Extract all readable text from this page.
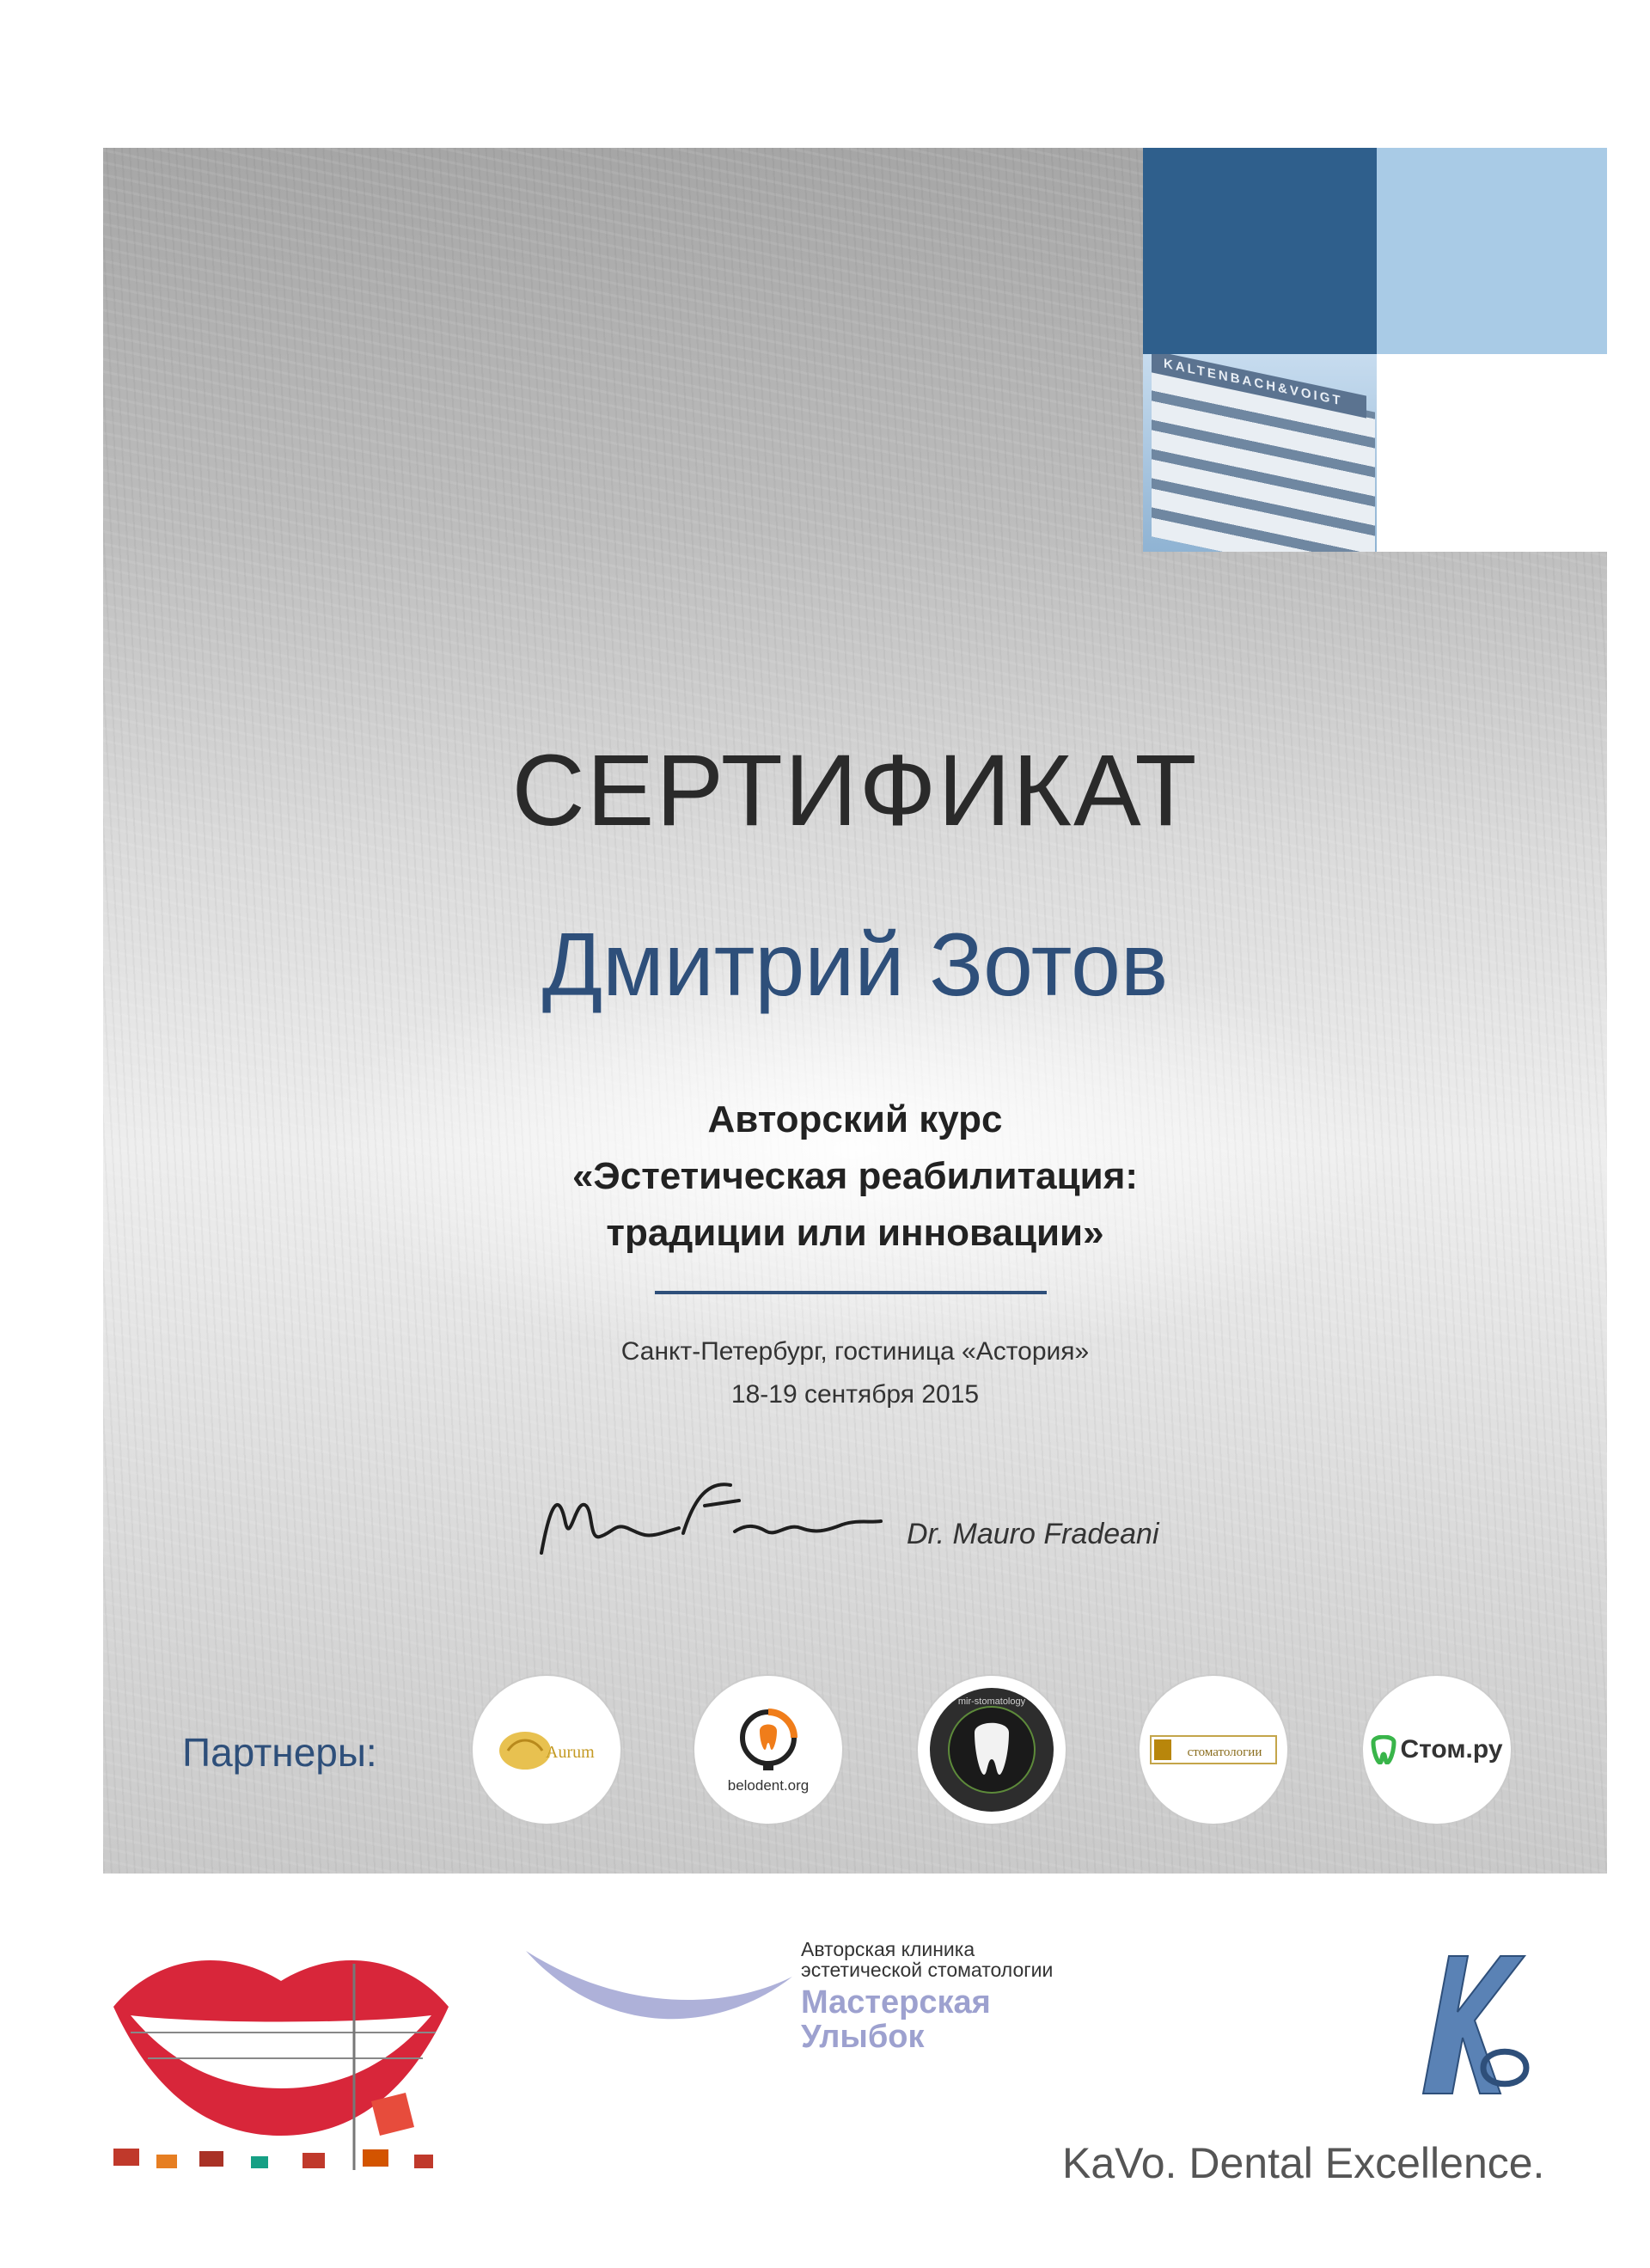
KALTENBACH&VOIGT
СЕРТИФИКАТ
Дмитрий Зотов
Авторский курс
«Эстетическая реабилитация:
традиции или инновации»
Санкт-Петербург, гостиница «Астория»
18-19 сентября 2015
Dr. Mauro Fradeani
Партнеры:	Aurum
belodent.org
mir-stomatology
стоматологии	Стом.ру
Авторская клиника
эстетической стоматологии
Мастерская
Улыбок
KaVo. Dental Excellence.
